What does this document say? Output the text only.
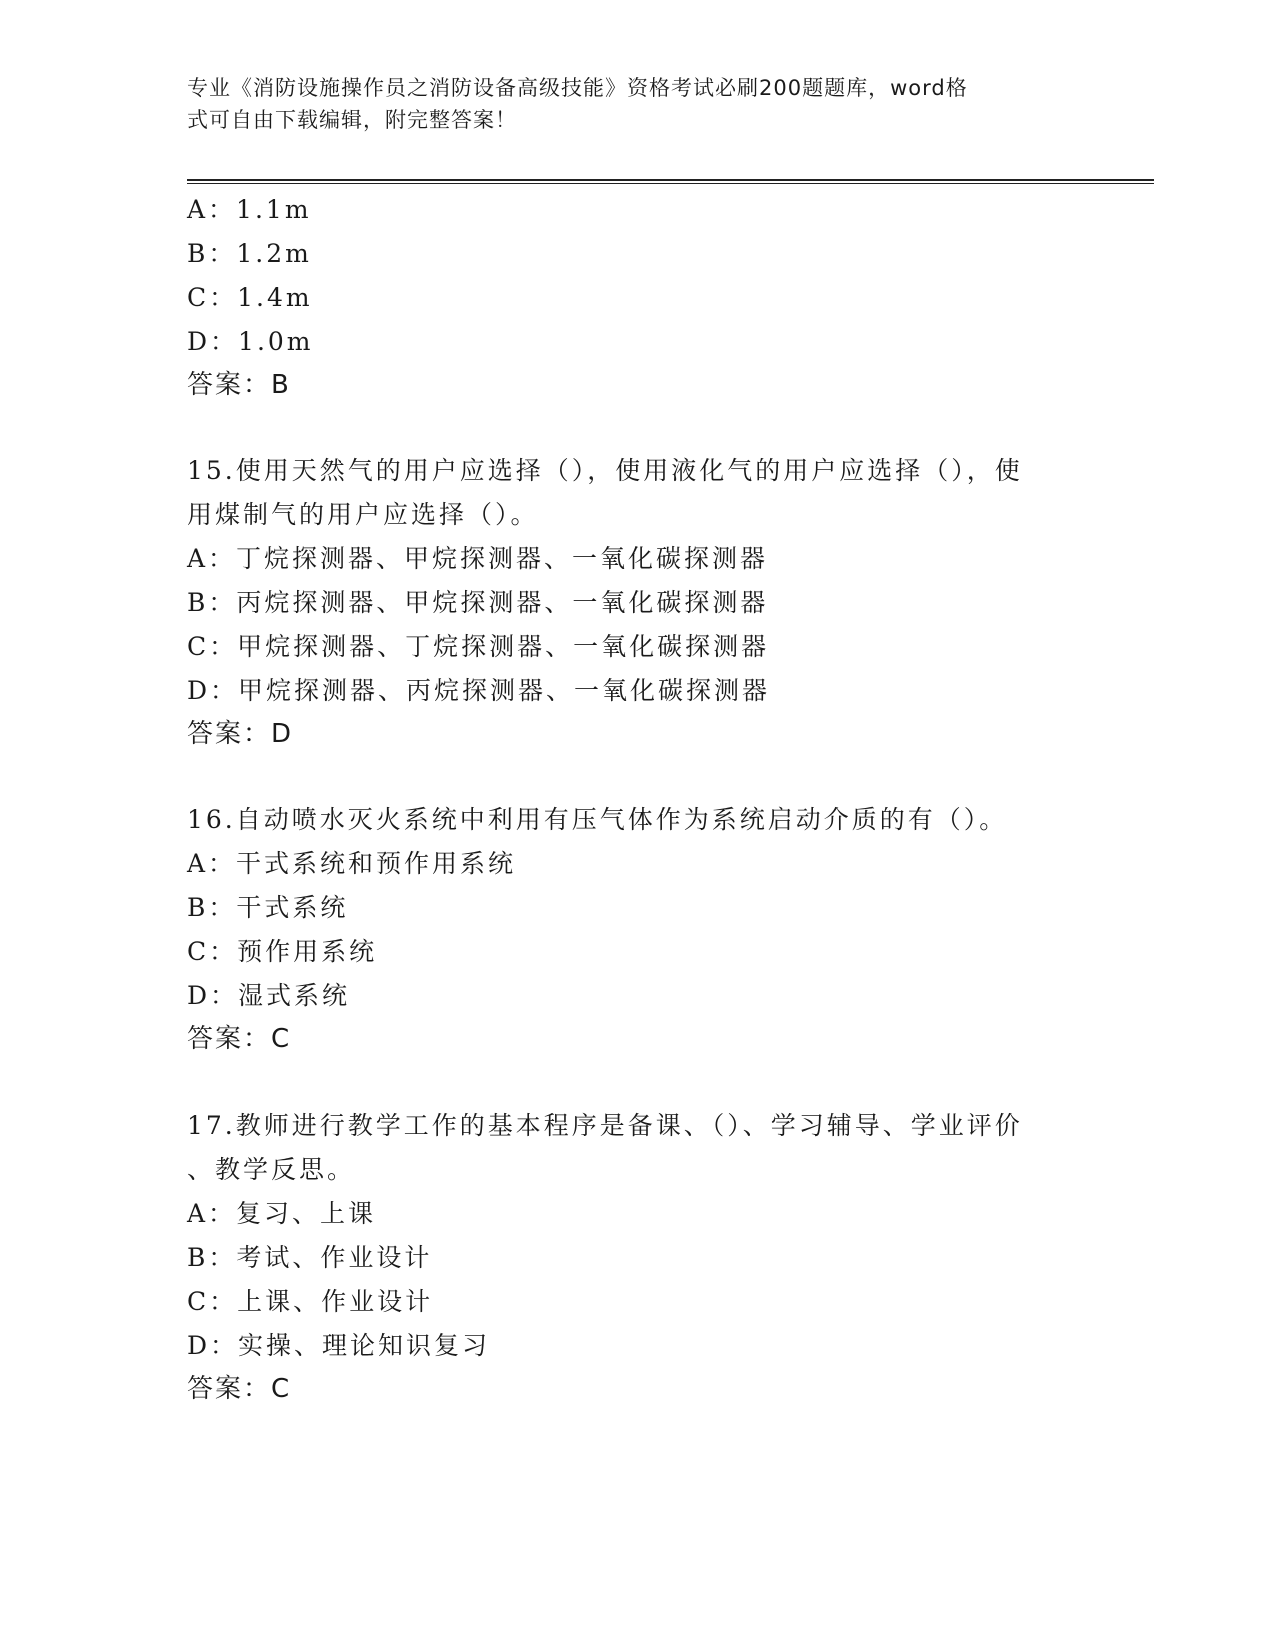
专业《消防设施操作员之消防设备高级技能》资格考试必刷200题题库，word格
式可自由下载编辑，附完整答案！
A：1.1m
B：1.2m
C：1.4m
D：1.0m
答案：B
15.使用天然气的用户应选择（），使用液化气的用户应选择（），使
用煤制气的用户应选择（）。
A：丁烷探测器、甲烷探测器、一氧化碳探测器
B：丙烷探测器、甲烷探测器、一氧化碳探测器
C：甲烷探测器、丁烷探测器、一氧化碳探测器
D：甲烷探测器、丙烷探测器、一氧化碳探测器
答案：D
16.自动喷水灭火系统中利用有压气体作为系统启动介质的有（）。
A：干式系统和预作用系统
B：干式系统
C：预作用系统
D：湿式系统
答案：C
17.教师进行教学工作的基本程序是备课、（）、学习辅导、学业评价
、教学反思。
A：复习、上课
B：考试、作业设计
C：上课、作业设计
D：实操、理论知识复习
答案：C
